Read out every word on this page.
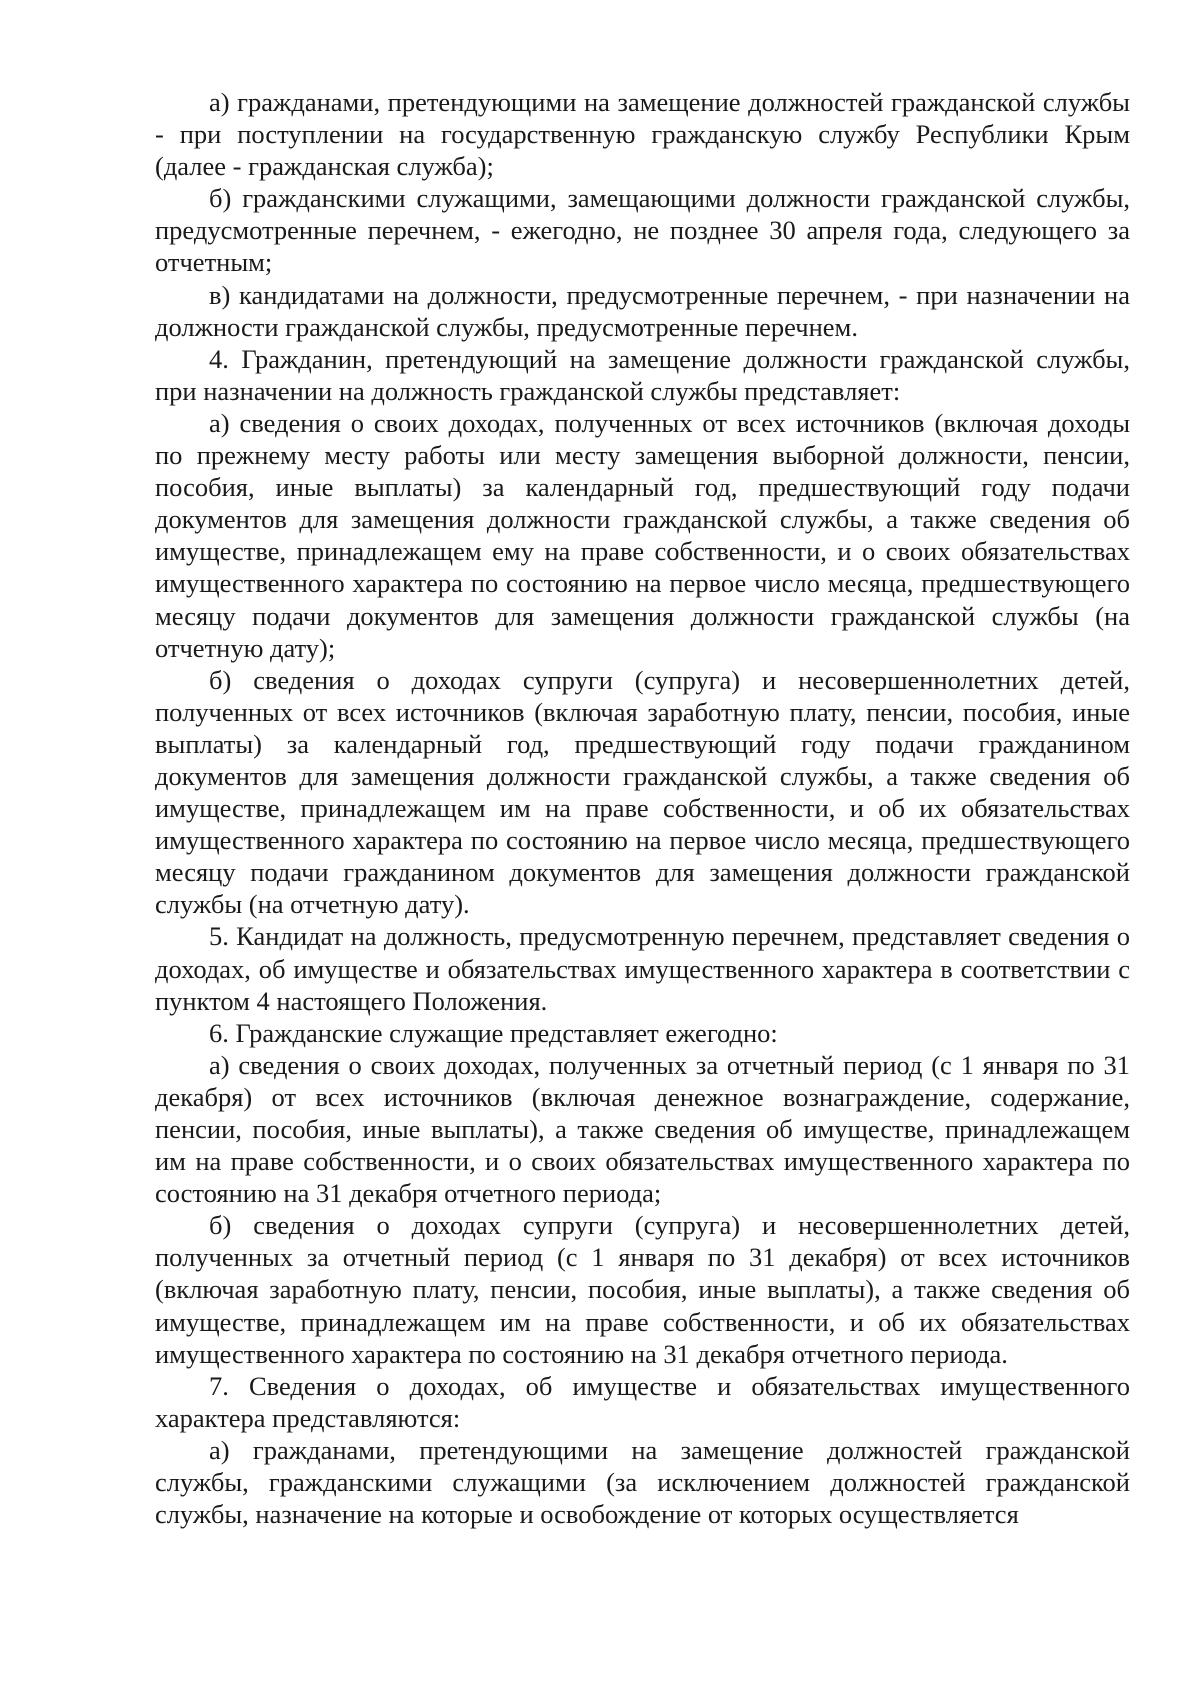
а) гражданами, претендующими на замещение должностей гражданской службы - при поступлении на государственную гражданскую службу Республики Крым (далее - гражданская служба);

б) гражданскими служащими, замещающими должности гражданской службы, предусмотренные перечнем, - ежегодно, не позднее 30 апреля года, следующего за отчетным;

в) кандидатами на должности, предусмотренные перечнем, - при назначении на должности гражданской службы, предусмотренные перечнем.

4. Гражданин, претендующий на замещение должности гражданской службы, при назначении на должность гражданской службы представляет:

а) сведения о своих доходах, полученных от всех источников (включая доходы по прежнему месту работы или месту замещения выборной должности, пенсии, пособия, иные выплаты) за календарный год, предшествующий году подачи документов для замещения должности гражданской службы, а также сведения об имуществе, принадлежащем ему на праве собственности, и о своих обязательствах имущественного характера по состоянию на первое число месяца, предшествующего месяцу подачи документов для замещения должности гражданской службы (на отчетную дату);

б) сведения о доходах супруги (супруга) и несовершеннолетних детей, полученных от всех источников (включая заработную плату, пенсии, пособия, иные выплаты) за календарный год, предшествующий году подачи гражданином документов для замещения должности гражданской службы, а также сведения об имуществе, принадлежащем им на праве собственности, и об их обязательствах имущественного характера по состоянию на первое число месяца, предшествующего месяцу подачи гражданином документов для замещения должности гражданской службы (на отчетную дату).

5. Кандидат на должность, предусмотренную перечнем, представляет сведения о доходах, об имуществе и обязательствах имущественного характера в соответствии с пунктом 4 настоящего Положения.

6. Гражданские служащие представляет ежегодно:

а) сведения о своих доходах, полученных за отчетный период (с 1 января по 31 декабря) от всех источников (включая денежное вознаграждение, содержание, пенсии, пособия, иные выплаты), а также сведения об имуществе, принадлежащем им на праве собственности, и о своих обязательствах имущественного характера по состоянию на 31 декабря отчетного периода;

б) сведения о доходах супруги (супруга) и несовершеннолетних детей, полученных за отчетный период (с 1 января по 31 декабря) от всех источников (включая заработную плату, пенсии, пособия, иные выплаты), а также сведения об имуществе, принадлежащем им на праве собственности, и об их обязательствах имущественного характера по состоянию на 31 декабря отчетного периода.

7. Сведения о доходах, об имуществе и обязательствах имущественного характера представляются:

а) гражданами, претендующими на замещение должностей гражданской службы, гражданскими служащими (за исключением должностей гражданской службы, назначение на которые и освобождение от которых осуществляется
